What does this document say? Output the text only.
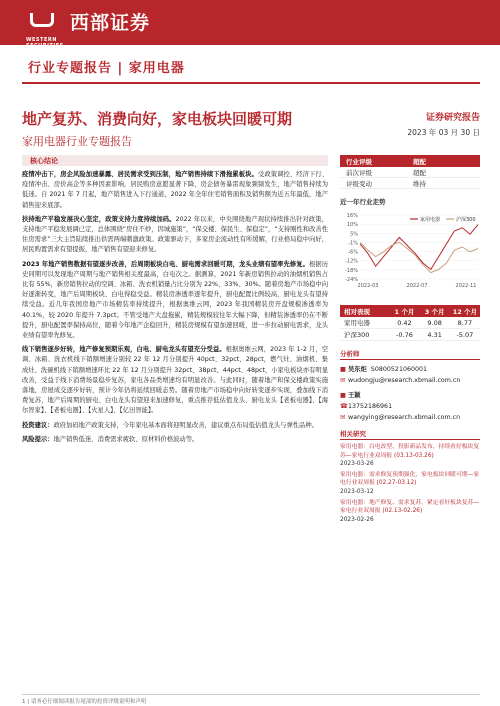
WESTERN SECURITIES
西部证券
行业专题报告 | 家用电器
地产复苏、消费向好，家电板块回暖可期
家用电器行业专题报告
证券研究报告
2023 年 03 月 30 日
核心结论

疫情冲击下，房企风险加速暴露、居民需求受到压制，地产销售持续下滑拖累板块。受政策调控、经济下行、疫情冲击、房价高企等多种因素影响，居民购房意愿显著下降，房企债务暴雷现象频频发生，地产销售持续为低迷。自 2021 年 7 月起，地产销售进入下行通道，2022 年全年住宅销售面积及销售额为近五年最低，地产销售迎来底部。

扶持地产平稳发展决心坚定，政策支持力度持续加码。2022 年以来，中央围绕地产现状持续推出针对政策，支持地产平稳发展调已定，总体围绕“房住不炒，因城施策”，“保交楼、保民生、保稳定”，“支持刚性和改善性住房需求”三大主旨陆续推出供需两端刺激政策。政策驱动下，多家房企流动性有所缓解，行业格局稳中向好，居民购置需求有望提振，地产销售有望迎来修复。

2023 年地产销售数据有望逐步改善，后周期板块白电、厨电需求回暖可期，龙头业绩有望率先修复。根据历史同期可以发现地产周期与地产销售相关度最高，白电次之。据测算，2021 年新房销售拉动的油烟机销售占比有 55%，新房销售拉动的空调、冰箱、洗衣机销量占比分别为 22%、33%、30%。随着房地产市场稳中向好逐渐转变，地产后周期板块、白电得稳受益。精装房渗透率逐年提升，厨电配置比例较高，厨电龙头有望持续受益。近几年我国房地产市场精装率持续提升，根据奥维云网，2023 年我国精装房开盘规模渗透率为 40.1%，较 2020 年提升 7.3pct。不管受地产大盘拖累，精装规模较往年大幅下降，但精装渗透率仍在不断提升，厨电配置率保持高位，随着今年地产企稳回升，精装房规模有望加速回暖，进一步拉动厨电需求，龙头业绩有望率先修复。

线下销售逐步好转，地产修复预期乐观，白电、厨电龙头有望充分受益。根据奥维云网，2023 年 1-2 月，空调、冰箱、洗衣机线下销额增速分别较 22 年 12 月分别提升 40pct、32pct、28pct，燃气灶、油烟机、集成灶、洗碗机线下销额增速环比 22 年 12 月分别提升 32pct、38pct、44pct、48pct，小家电板块亦有明显改善，受益于线下消费场景稳步复苏，家电各品类增速均有明显改善。与此同时，随着地产和保交楼政策实施落地，房屋成交逐步好转，预计今年仍将延续回暖态势。随着房地产市场稳中向好转变逐步实现，叠加线下消费复苏，地产后周期的厨电、白电龙头有望迎来加速修复，重点推荐低估值龙头、厨电龙头【老板电器】、【海尔智家】、【老板电器】、【火星人】、【亿田智能】。

投资建议：政府加码地产政策支持，今年家电基本面将迎明显改善，建议重点布局低估值龙头与弹性品种。

风险提示：地产销售低迷、消费需求疲软、原材料价格波动等。

行业评级	超配
前次评级	超配
评级变动	维持
近一年行业走势
16%
10%
5%
-1%
-6%
-12%
-18%
-24%
2022-03	2022-07	2022-11
家用电器	沪深300
相对表现	1 个月	3 个月	12 个月
家用电器	0.42	9.08	8.77
沪深300	-0.76	4.31	-5.07
分析师
■ 吴东炬 S0800521060001
✉ wudongju@research.xbmail.com.cn
■ 王颖
☎13752186961
✉ wangying@research.xbmail.com.cn
相关研究
家用电器：白电改型、投影新品发布，持续看好板块复苏—家电行业双周报 (03.13-03.26)
2023-03-26
家用电器：需求修复预期强化，家电板块回暖可期—家电行业双周报 (02.27-03.12)
2023-03-12
家用电器：地产修复、需求复苏，紧定看好板块复苏—家电行业双周报 (02.13-02.26)
2023-02-26
1 | 请务必仔细阅读报告尾部的投资评级说明和声明
